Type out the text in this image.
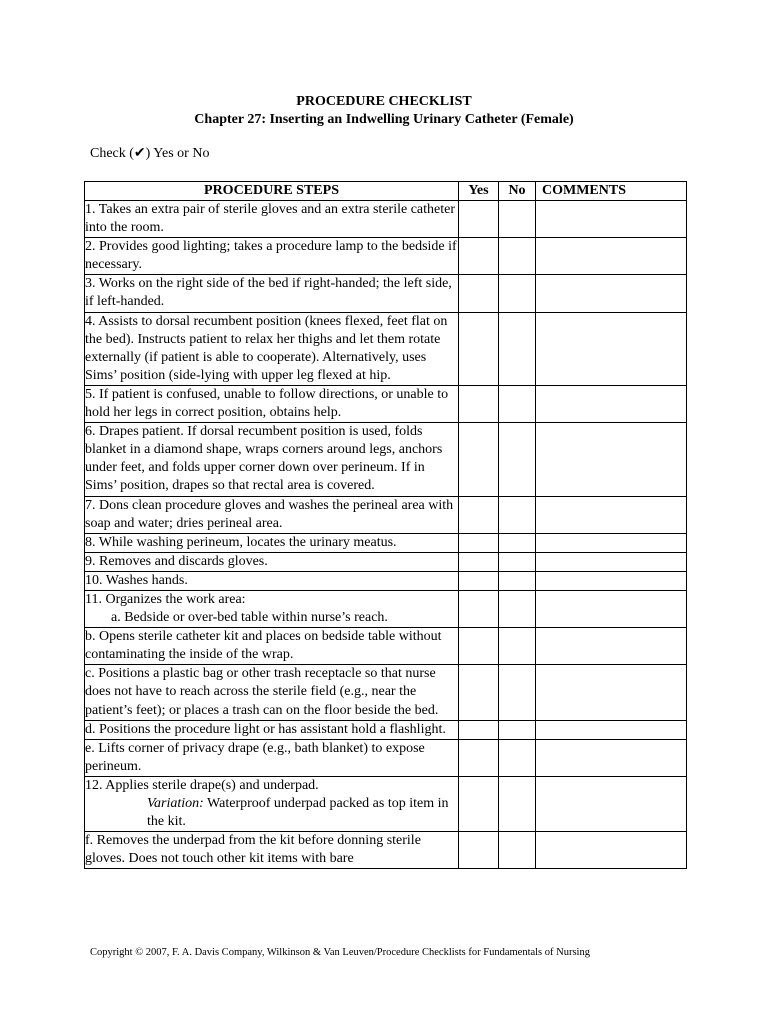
PROCEDURE CHECKLIST
Chapter 27: Inserting an Indwelling Urinary Catheter (Female)
Check (✔) Yes or No
PROCEDURE STEPS	Yes	No	COMMENTS
1. Takes an extra pair of sterile gloves and an extra sterile catheter into the room.			
2. Provides good lighting; takes a procedure lamp to the bedside if necessary.			
3. Works on the right side of the bed if right-handed; the left side, if left-handed.			
4. Assists to dorsal recumbent position (knees flexed, feet flat on the bed). Instructs patient to relax her thighs and let them rotate externally (if patient is able to cooperate). Alternatively, uses Sims’ position (side-lying with upper leg flexed at hip.			
5. If patient is confused, unable to follow directions, or unable to hold her legs in correct position, obtains help.			
6. Drapes patient. If dorsal recumbent position is used, folds blanket in a diamond shape, wraps corners around legs, anchors under feet, and folds upper corner down over perineum. If in Sims’ position, drapes so that rectal area is covered.			
7. Dons clean procedure gloves and washes the perineal area with soap and water; dries perineal area.			
8. While washing perineum, locates the urinary meatus.			
9. Removes and discards gloves.			
10. Washes hands.			

11. Organizes the work area:
a. Bedside or over-bed table within nurse’s reach.			

b. Opens sterile catheter kit and places on bedside table without contaminating the inside of the wrap.			
c. Positions a plastic bag or other trash receptacle so that nurse does not have to reach across the sterile field (e.g., near the patient’s feet); or places a trash can on the floor beside the bed.			
d. Positions the procedure light or has assistant hold a flashlight.			
e. Lifts corner of privacy drape (e.g., bath blanket) to expose perineum.			

12. Applies sterile drape(s) and underpad.
Variation: Waterproof underpad packed as top item in the kit.			

f. Removes the underpad from the kit before donning sterile gloves. Does not touch other kit items with bare			
Copyright © 2007, F. A. Davis Company, Wilkinson & Van Leuven/Procedure Checklists for Fundamentals of Nursing
